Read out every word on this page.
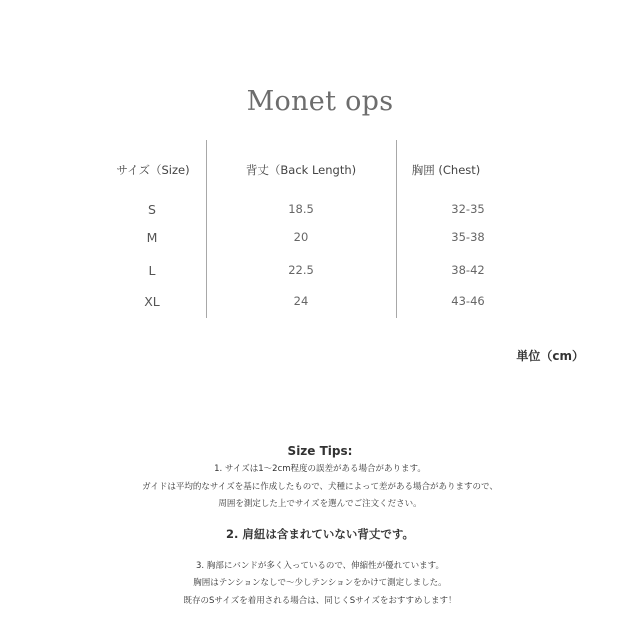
Monet ops
サイズ（Size)	背丈（Back Length)	胸囲 (Chest)
S	18.5	32-35
M	20	35-38
L	22.5	38-42
XL	24	43-46
単位（cm）
Size Tips:
1. サイズは1～2cm程度の誤差がある場合があります。
ガイドは平均的なサイズを基に作成したもので、犬種によって差がある場合がありますので、
周囲を測定した上でサイズを選んでご注文ください。
2. 肩紐は含まれていない背丈です。
3. 胸部にバンドが多く入っているので、伸縮性が優れています。
胸囲はテンションなしで～少しテンションをかけて測定しました。
既存のSサイズを着用される場合は、同じくSサイズをおすすめします！
